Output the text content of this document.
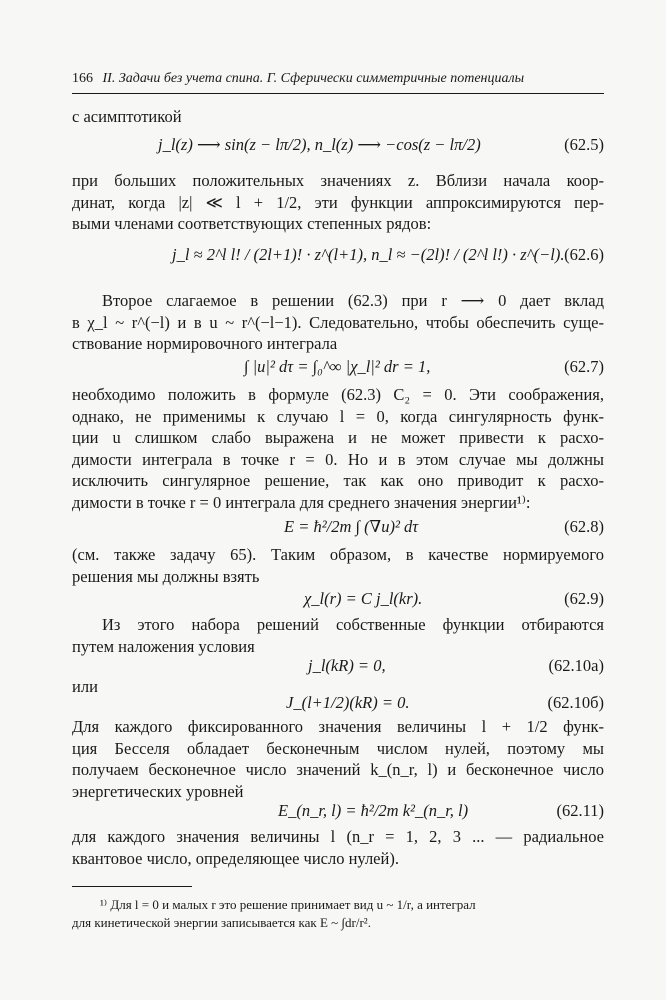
166 II. Задачи без учета спина. Г. Сферически симметричные потенциалы
с асимптотикой
j_l(z) ⟶ sin(z − lπ/2), n_l(z) ⟶ −cos(z − lπ/2)	(62.5)
при больших положительных значениях z. Вблизи начала коор-
динат, когда |z| ≪ l + 1/2, эти функции аппроксимируются пер-
выми членами соответствующих степенных рядов:
j_l ≈ 2^l l! / (2l+1)! · z^(l+1), n_l ≈ −(2l)! / (2^l l!) · z^(−l). (62.6)
Второе слагаемое в решении (62.3) при r ⟶ 0 дает вклад
в χ_l ~ r^(−l) и в u ~ r^(−l−1). Следовательно, чтобы обеспечить суще-
ствование нормировочного интеграла
∫ |u|² dτ = ∫₀^∞ |χ_l|² dr = 1,	(62.7)
необходимо положить в формуле (62.3) C₂ = 0. Эти соображения,
однако, не применимы к случаю l = 0, когда сингулярность функ-
ции u слишком слабо выражена и не может привести к расхо-
димости интеграла в точке r = 0. Но и в этом случае мы должны
исключить сингулярное решение, так как оно приводит к расхо-
димости в точке r = 0 интеграла для среднего значения энергии¹⁾:
E = ħ²/2m ∫ (∇u)² dτ	(62.8)
(см. также задачу 65). Таким образом, в качестве нормируемого
решения мы должны взять
χ_l(r) = C j_l(kr).	(62.9)
Из этого набора решений собственные функции отбираются
путем наложения условия
j_l(kR) = 0,	(62.10а)
или
J_(l+1/2)(kR) = 0.	(62.10б)
Для каждого фиксированного значения величины l + 1/2 функ-
ция Бесселя обладает бесконечным числом нулей, поэтому мы
получаем бесконечное число значений k_(n_r, l) и бесконечное число
энергетических уровней
E_(n_r, l) = ħ²/2m k²_(n_r, l)	(62.11)
для каждого значения величины l (n_r = 1, 2, 3 ... — радиальное
квантовое число, определяющее число нулей).
¹⁾ Для l = 0 и малых r это решение принимает вид u ~ 1/r, а интеграл
для кинетической энергии записывается как E ~ ∫dr/r².
